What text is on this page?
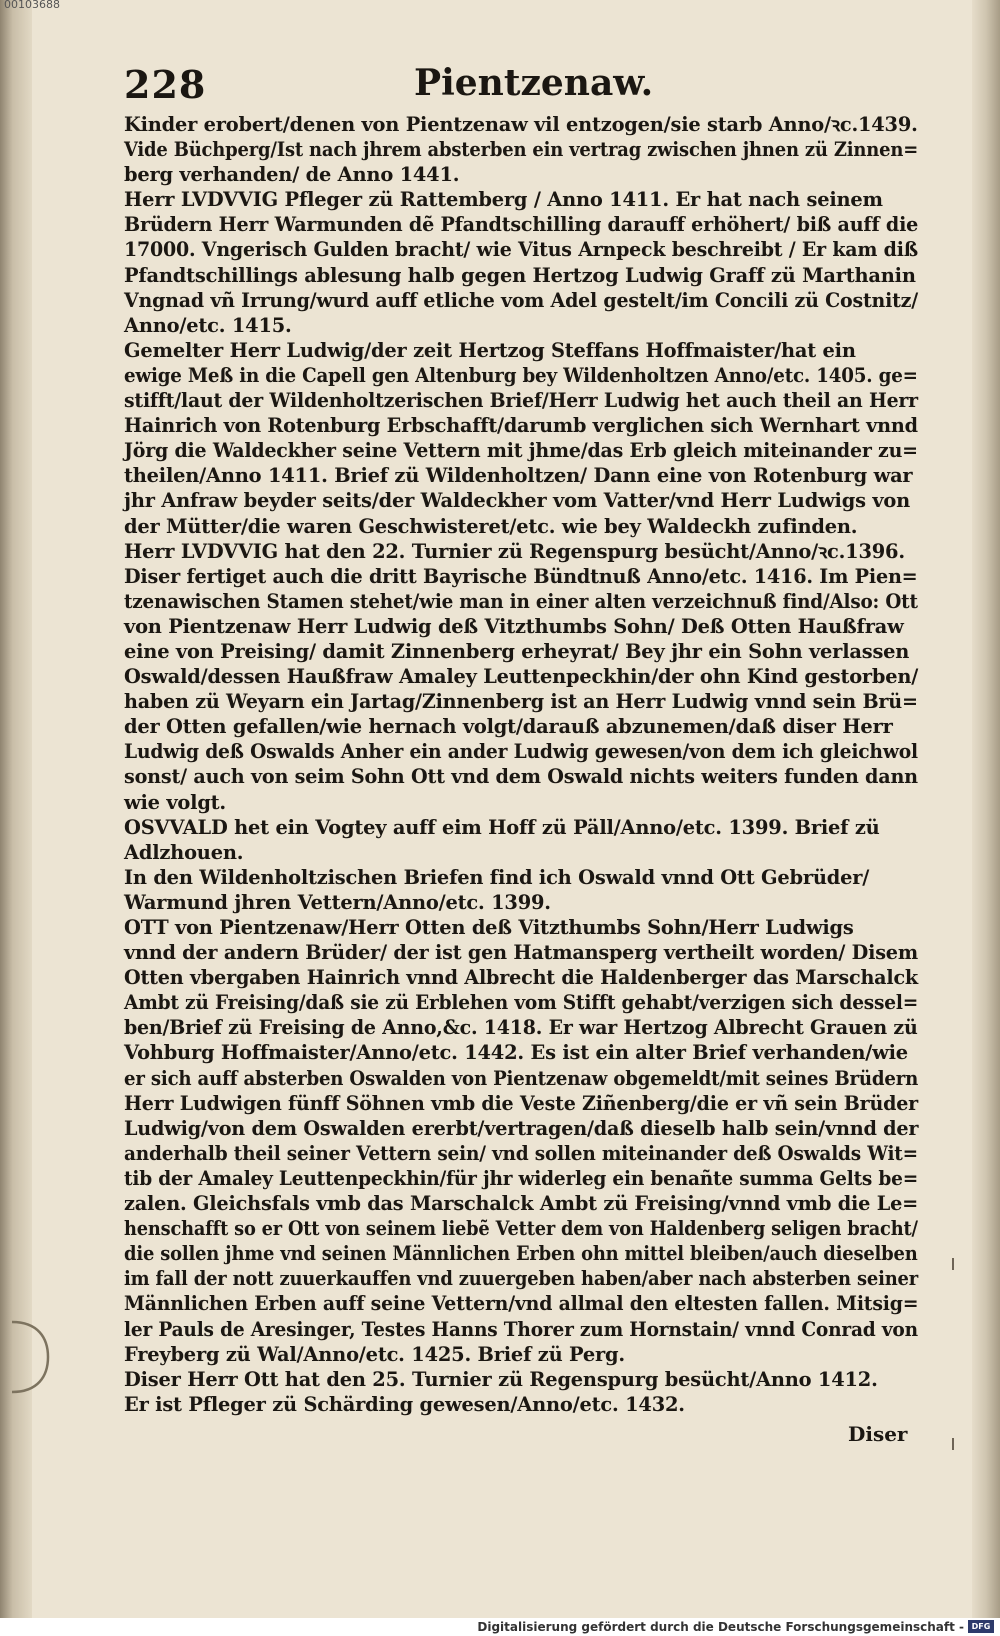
00103688
228	Pientzenaw.
Kinder erobert/denen von Pientzenaw vil entzogen/sie starb Anno/ꝛc.1439.
Vide Büchperg/Ist nach jhrem absterben ein vertrag zwischen jhnen zü Zinnen=
berg verhanden/ de Anno 1441.
Herr LVDVVIG Pfleger zü Rattemberg / Anno 1411. Er hat nach seinem
Brüdern Herr Warmunden dẽ Pfandtschilling darauff erhöhert/ biß auff die
17000. Vngerisch Gulden bracht/ wie Vitus Arnpeck beschreibt / Er kam diß
Pfandtschillings ablesung halb gegen Hertzog Ludwig Graff zü Marthanin
Vngnad vñ Irrung/wurd auff etliche vom Adel gestelt/im Concili zü Costnitz/
Anno/etc. 1415.
Gemelter Herr Ludwig/der zeit Hertzog Steffans Hoffmaister/hat ein
ewige Meß in die Capell gen Altenburg bey Wildenholtzen Anno/etc. 1405. ge=
stifft/laut der Wildenholtzerischen Brief/Herr Ludwig het auch theil an Herr
Hainrich von Rotenburg Erbschafft/darumb verglichen sich Wernhart vnnd
Jörg die Waldeckher seine Vettern mit jhme/das Erb gleich miteinander zu=
theilen/Anno 1411. Brief zü Wildenholtzen/ Dann eine von Rotenburg war
jhr Anfraw beyder seits/der Waldeckher vom Vatter/vnd Herr Ludwigs von
der Mütter/die waren Geschwisteret/etc. wie bey Waldeckh zufinden.
Herr LVDVVIG hat den 22. Turnier zü Regenspurg besücht/Anno/ꝛc.1396.
Diser fertiget auch die dritt Bayrische Bündtnuß Anno/etc. 1416. Im Pien=
tzenawischen Stamen stehet/wie man in einer alten verzeichnuß find/Also: Ott
von Pientzenaw Herr Ludwig deß Vitzthumbs Sohn/ Deß Otten Haußfraw
eine von Preising/ damit Zinnenberg erheyrat/ Bey jhr ein Sohn verlassen
Oswald/dessen Haußfraw Amaley Leuttenpeckhin/der ohn Kind gestorben/
haben zü Weyarn ein Jartag/Zinnenberg ist an Herr Ludwig vnnd sein Brü=
der Otten gefallen/wie hernach volgt/darauß abzunemen/daß diser Herr
Ludwig deß Oswalds Anher ein ander Ludwig gewesen/von dem ich gleichwol
sonst/ auch von seim Sohn Ott vnd dem Oswald nichts weiters funden dann
wie volgt.
OSVVALD het ein Vogtey auff eim Hoff zü Päll/Anno/etc. 1399. Brief zü
Adlzhouen.
In den Wildenholtzischen Briefen find ich Oswald vnnd Ott Gebrüder/
Warmund jhren Vettern/Anno/etc. 1399.
OTT von Pientzenaw/Herr Otten deß Vitzthumbs Sohn/Herr Ludwigs
vnnd der andern Brüder/ der ist gen Hatmansperg vertheilt worden/ Disem
Otten vbergaben Hainrich vnnd Albrecht die Haldenberger das Marschalck
Ambt zü Freising/daß sie zü Erblehen vom Stifft gehabt/verzigen sich dessel=
ben/Brief zü Freising de Anno,&c. 1418. Er war Hertzog Albrecht Grauen zü
Vohburg Hoffmaister/Anno/etc. 1442. Es ist ein alter Brief verhanden/wie
er sich auff absterben Oswalden von Pientzenaw obgemeldt/mit seines Brüdern
Herr Ludwigen fünff Söhnen vmb die Veste Ziñenberg/die er vñ sein Brüder
Ludwig/von dem Oswalden ererbt/vertragen/daß dieselb halb sein/vnnd der
anderhalb theil seiner Vettern sein/ vnd sollen miteinander deß Oswalds Wit=
tib der Amaley Leuttenpeckhin/für jhr widerleg ein benañte summa Gelts be=
zalen. Gleichsfals vmb das Marschalck Ambt zü Freising/vnnd vmb die Le=
henschafft so er Ott von seinem liebẽ Vetter dem von Haldenberg seligen bracht/
die sollen jhme vnd seinen Männlichen Erben ohn mittel bleiben/auch dieselben
im fall der nott zuuerkauffen vnd zuuergeben haben/aber nach absterben seiner
Männlichen Erben auff seine Vettern/vnd allmal den eltesten fallen. Mitsig=
ler Pauls de Aresinger, Testes Hanns Thorer zum Hornstain/ vnnd Conrad von
Freyberg zü Wal/Anno/etc. 1425. Brief zü Perg.
Diser Herr Ott hat den 25. Turnier zü Regenspurg besücht/Anno 1412.
Er ist Pfleger zü Schärding gewesen/Anno/etc. 1432.
Diser
Digitalisierung gefördert durch die Deutsche Forschungsgemeinschaft - DFG
